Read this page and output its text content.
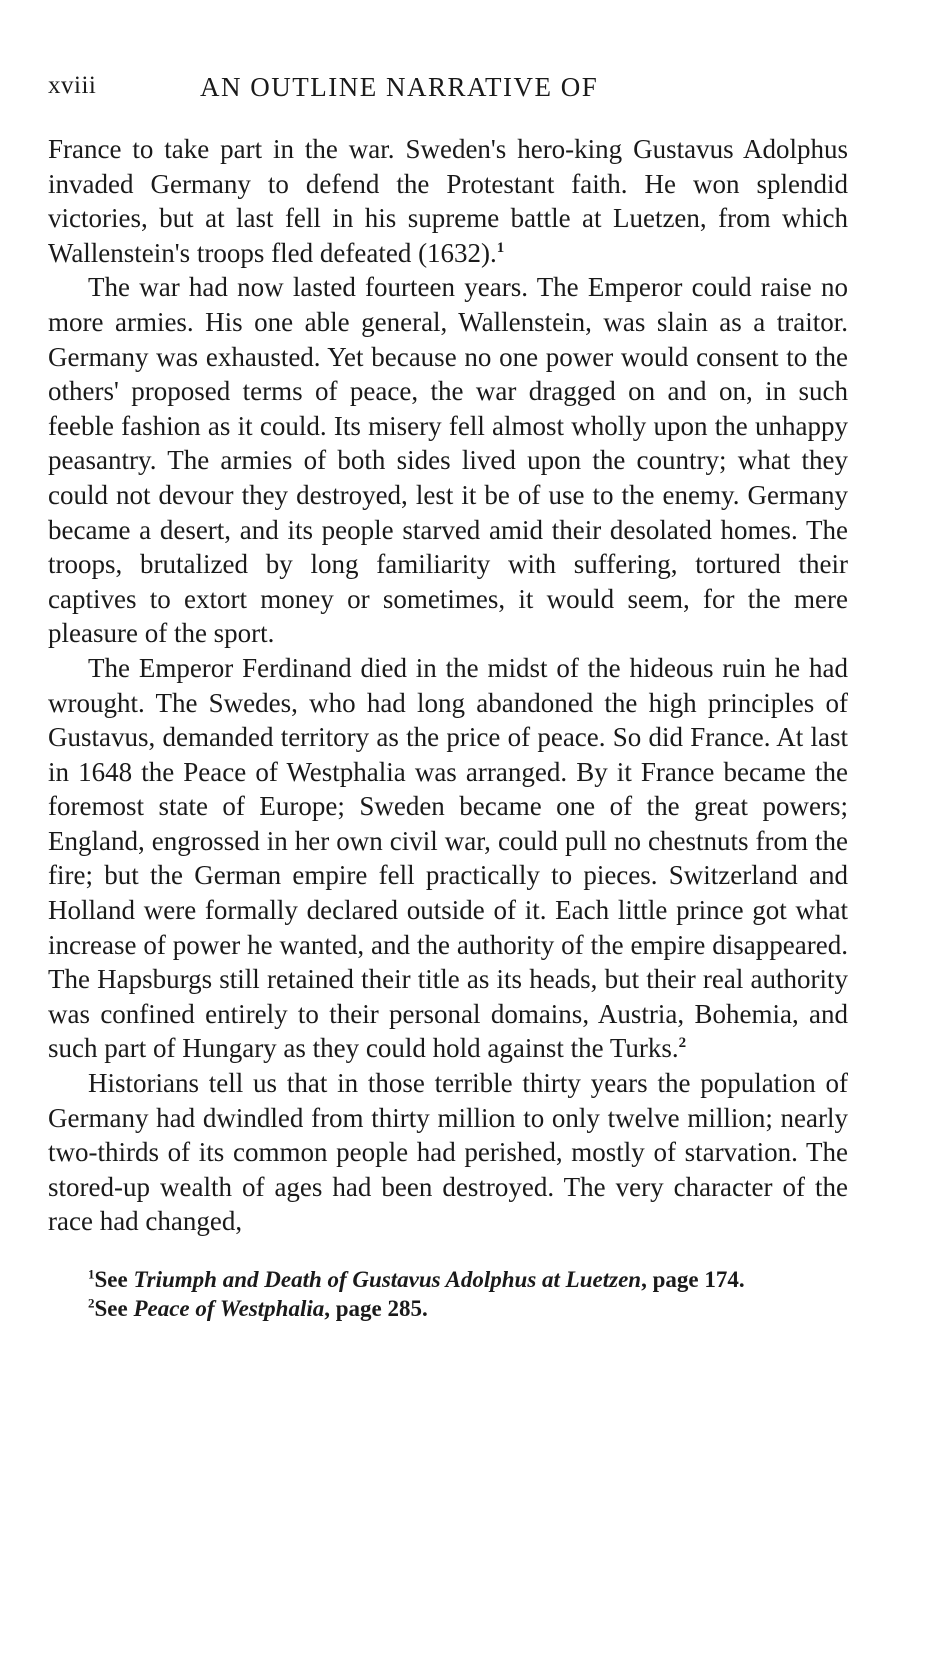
xviii	AN OUTLINE NARRATIVE OF

France to take part in the war. Sweden's hero-king Gustavus Adolphus invaded Germany to defend the Protestant faith. He won splendid victories, but at last fell in his supreme battle at Luetzen, from which Wallenstein's troops fled defeated (1632).$^1$

The war had now lasted fourteen years. The Emperor could raise no more armies. His one able general, Wallenstein, was slain as a traitor. Germany was exhausted. Yet because no one power would consent to the others' proposed terms of peace, the war dragged on and on, in such feeble fashion as it could. Its misery fell almost wholly upon the unhappy peasantry. The armies of both sides lived upon the country; what they could not devour they destroyed, lest it be of use to the enemy. Germany became a desert, and its people starved amid their desolated homes. The troops, brutalized by long familiarity with suffering, tortured their captives to extort money or sometimes, it would seem, for the mere pleasure of the sport.

The Emperor Ferdinand died in the midst of the hideous ruin he had wrought. The Swedes, who had long abandoned the high principles of Gustavus, demanded territory as the price of peace. So did France. At last in 1648 the Peace of Westphalia was arranged. By it France became the foremost state of Europe; Sweden became one of the great powers; England, engrossed in her own civil war, could pull no chestnuts from the fire; but the German empire fell practically to pieces. Switzerland and Holland were formally declared outside of it. Each little prince got what increase of power he wanted, and the authority of the empire disappeared. The Hapsburgs still retained their title as its heads, but their real authority was confined entirely to their personal domains, Austria, Bohemia, and such part of Hungary as they could hold against the Turks.$^2$

Historians tell us that in those terrible thirty years the population of Germany had dwindled from thirty million to only twelve million; nearly two-thirds of its common people had perished, mostly of starvation. The stored-up wealth of ages had been destroyed. The very character of the race had changed,

$^1$See Triumph and Death of Gustavus Adolphus at Luetzen, page 174.

$^2$See Peace of Westphalia, page 285.
